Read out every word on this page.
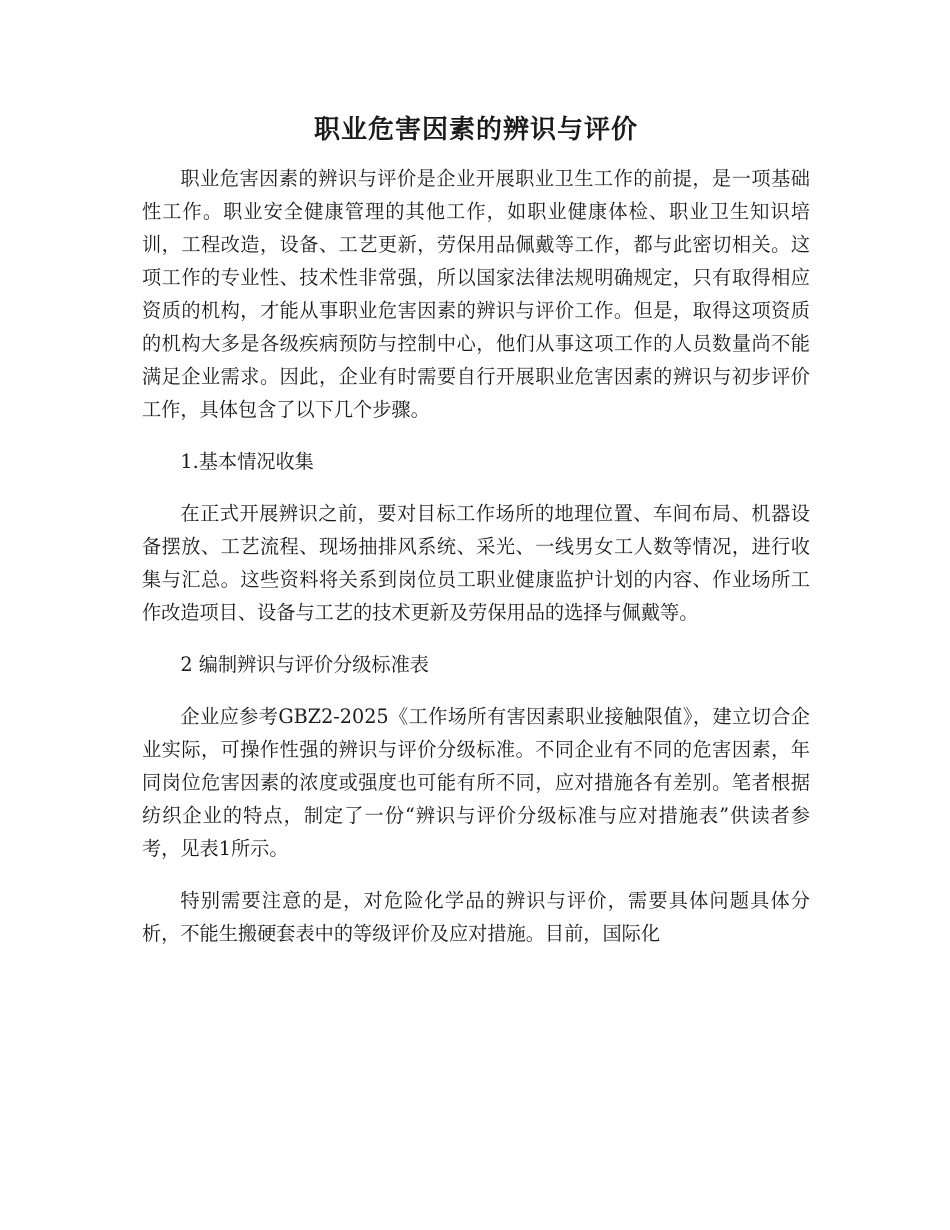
职业危害因素的辨识与评价

职业危害因素的辨识与评价是企业开展职业卫生工作的前提，是一项基础性工作。职业安全健康管理的其他工作，如职业健康体检、职业卫生知识培训，工程改造，设备、工艺更新，劳保用品佩戴等工作，都与此密切相关。这项工作的专业性、技术性非常强，所以国家法律法规明确规定，只有取得相应资质的机构，才能从事职业危害因素的辨识与评价工作。但是，取得这项资质的机构大多是各级疾病预防与控制中心，他们从事这项工作的人员数量尚不能满足企业需求。因此，企业有时需要自行开展职业危害因素的辨识与初步评价工作，具体包含了以下几个步骤。

1.基本情况收集

在正式开展辨识之前，要对目标工作场所的地理位置、车间布局、机器设备摆放、工艺流程、现场抽排风系统、采光、一线男女工人数等情况，进行收集与汇总。这些资料将关系到岗位员工职业健康监护计划的内容、作业场所工作改造项目、设备与工艺的技术更新及劳保用品的选择与佩戴等。

2 编制辨识与评价分级标准表

企业应参考GBZ2-2025《工作场所有害因素职业接触限值》，建立切合企业实际，可操作性强的辨识与评价分级标准。不同企业有不同的危害因素，年同岗位危害因素的浓度或强度也可能有所不同，应对措施各有差别。笔者根据纺织企业的特点，制定了一份“辨识与评价分级标准与应对措施表”供读者参考，见表1所示。

特别需要注意的是，对危险化学品的辨识与评价，需要具体问题具体分析，不能生搬硬套表中的等级评价及应对措施。目前，国际化
